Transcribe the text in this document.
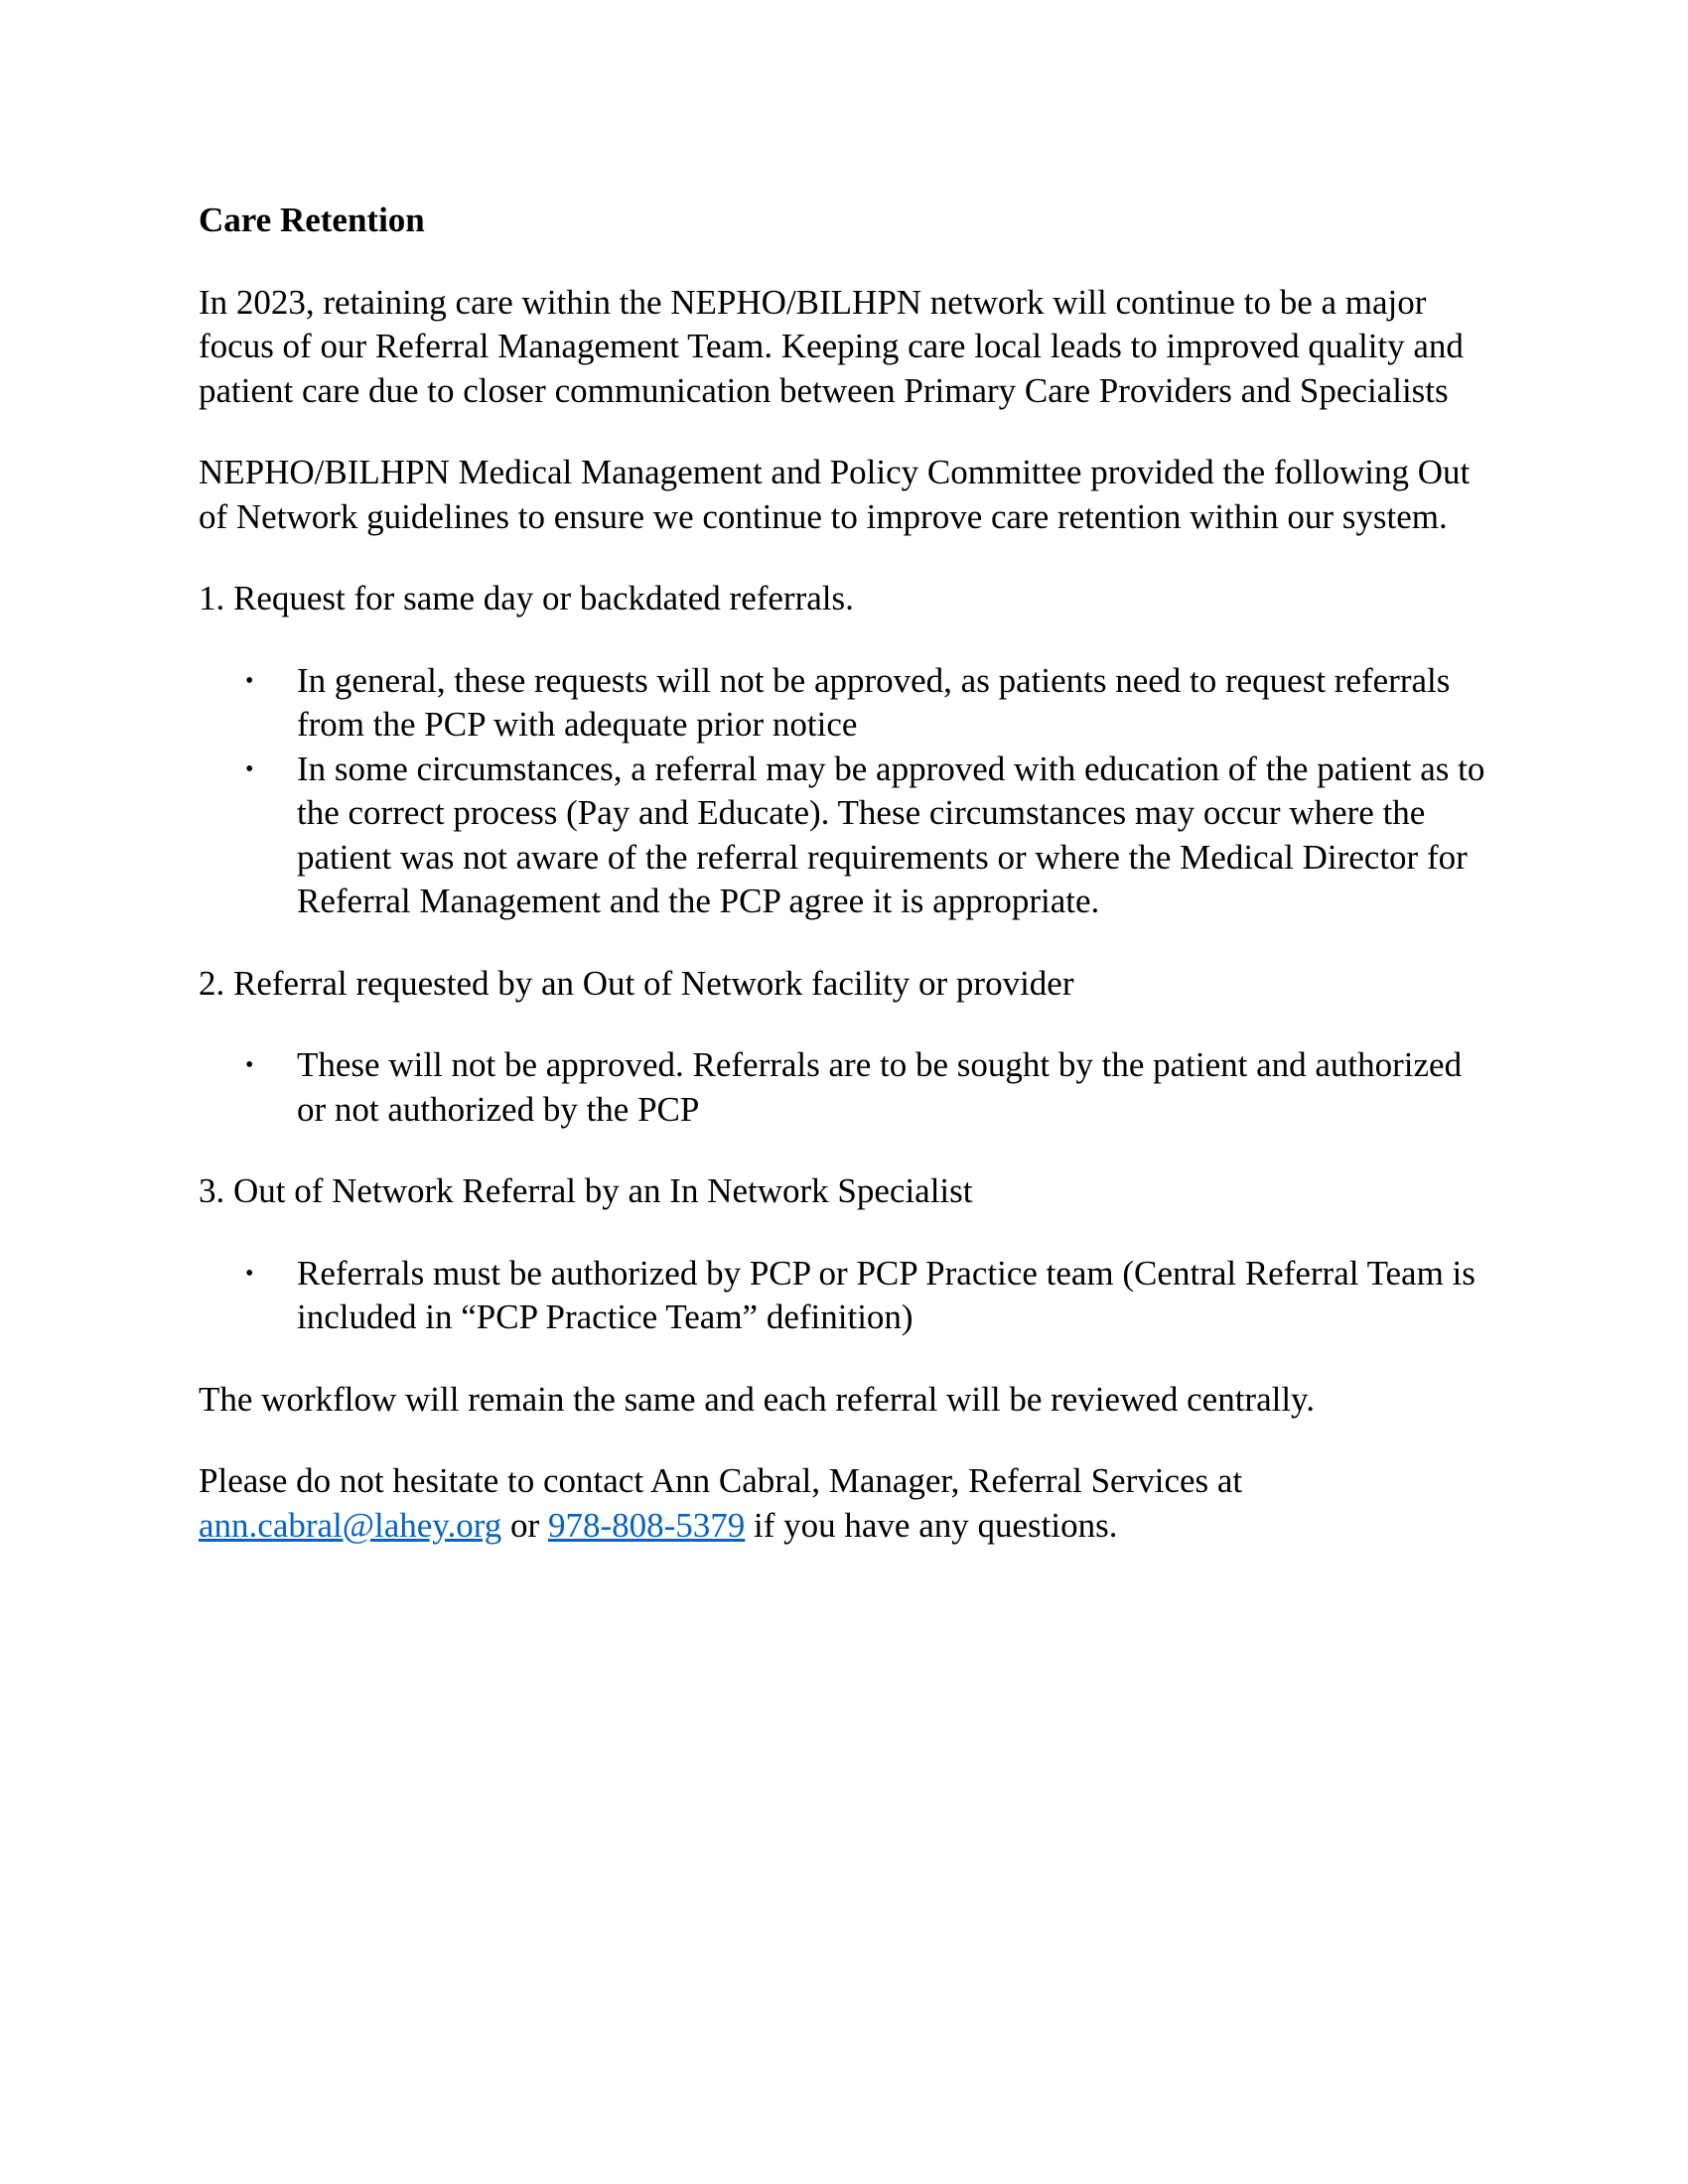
Care Retention

In 2023, retaining care within the NEPHO/BILHPN network will continue to be a major focus of our Referral Management Team. Keeping care local leads to improved quality and patient care due to closer communication between Primary Care Providers and Specialists

NEPHO/BILHPN Medical Management and Policy Committee provided the following Out of Network guidelines to ensure we continue to improve care retention within our system.

1. Request for same day or backdated referrals.

• In general, these requests will not be approved, as patients need to request referrals from the PCP with adequate prior notice
• In some circumstances, a referral may be approved with education of the patient as to the correct process (Pay and Educate). These circumstances may occur where the patient was not aware of the referral requirements or where the Medical Director for Referral Management and the PCP agree it is appropriate.

2. Referral requested by an Out of Network facility or provider

• These will not be approved. Referrals are to be sought by the patient and authorized or not authorized by the PCP

3. Out of Network Referral by an In Network Specialist

• Referrals must be authorized by PCP or PCP Practice team (Central Referral Team is included in “PCP Practice Team” definition)

The workflow will remain the same and each referral will be reviewed centrally.

Please do not hesitate to contact Ann Cabral, Manager, Referral Services at
ann.cabral@lahey.org or 978-808-5379 if you have any questions.
